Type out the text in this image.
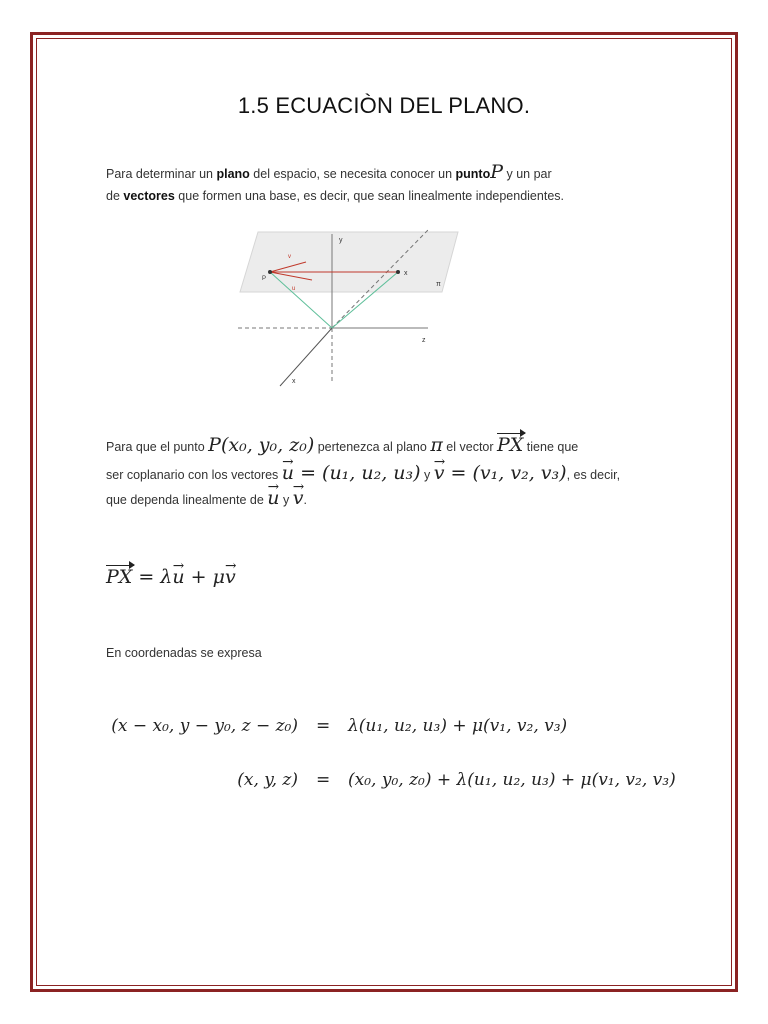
1.5 ECUACIÒN DEL PLANO.
Para determinar un plano del espacio, se necesita conocer un puntoP y un par
de vectores que formen una base, es decir, que sean linealmente independientes.
y
x
z
x
P
v
u
π
Para que el punto P(x₀, y₀, z₀) pertenezca al plano π el vector
PX tiene que
ser coplanario con los vectores → u = (u₁, u₂, u₃) y → v = (v₁, v₂, v₃), es decir,
que dependa linealmente de → u y → v.
PX = λ→ u + μ→ v
En coordenadas se expresa
(x − x₀, y − y₀, z − z₀) = λ(u₁, u₂, u₃) + μ(v₁, v₂, v₃)
(x, y, z) = (x₀, y₀, z₀) + λ(u₁, u₂, u₃) + μ(v₁, v₂, v₃)
